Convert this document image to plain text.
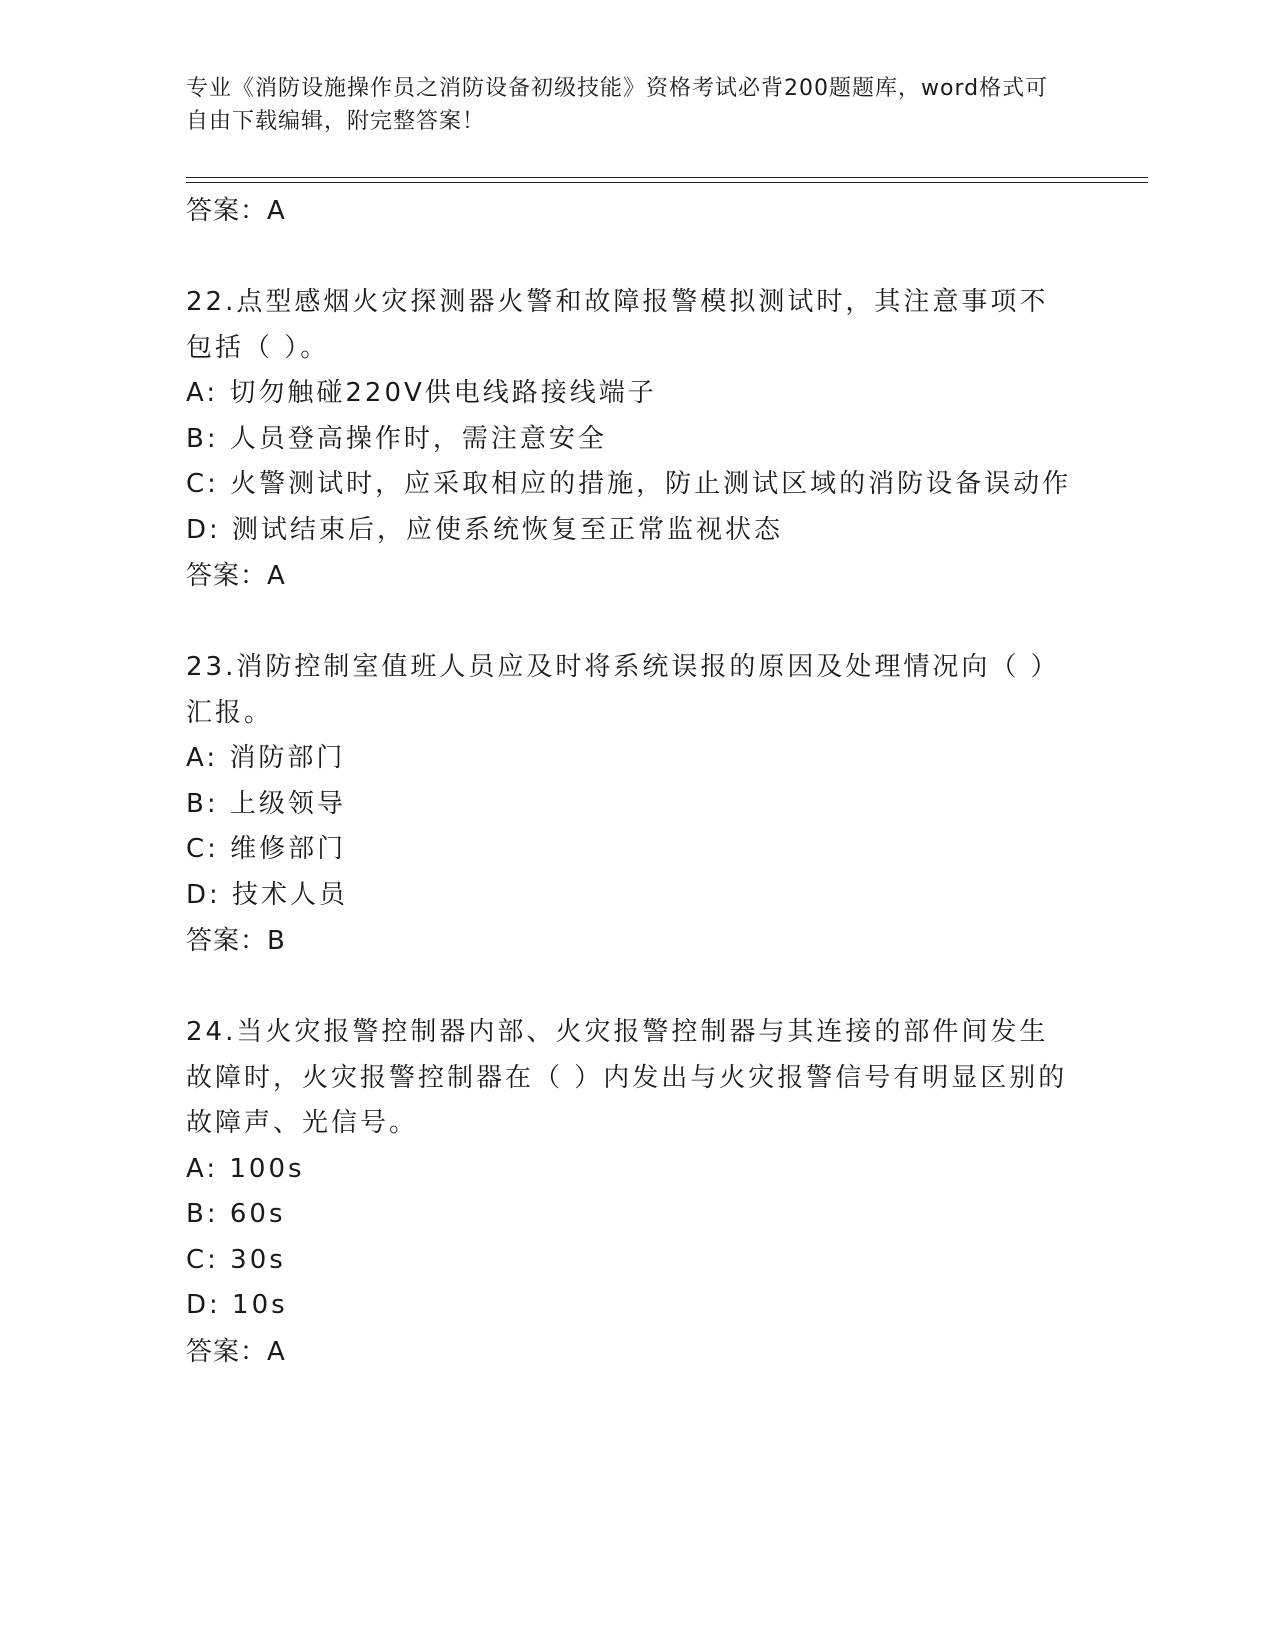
专业《消防设施操作员之消防设备初级技能》资格考试必背200题题库，word格式可自由下载编辑，附完整答案！
答案：A
22.点型感烟火灾探测器火警和故障报警模拟测试时，其注意事项不包括（ ）。
A: 切勿触碰220V供电线路接线端子
B: 人员登高操作时，需注意安全
C: 火警测试时，应采取相应的措施，防止测试区域的消防设备误动作
D: 测试结束后，应使系统恢复至正常监视状态
答案：A
23.消防控制室值班人员应及时将系统误报的原因及处理情况向（ ）汇报。
A: 消防部门
B: 上级领导
C: 维修部门
D: 技术人员
答案：B
24.当火灾报警控制器内部、火灾报警控制器与其连接的部件间发生故障时，火灾报警控制器在（ ）内发出与火灾报警信号有明显区别的故障声、光信号。
A: 100s
B: 60s
C: 30s
D: 10s
答案：A
